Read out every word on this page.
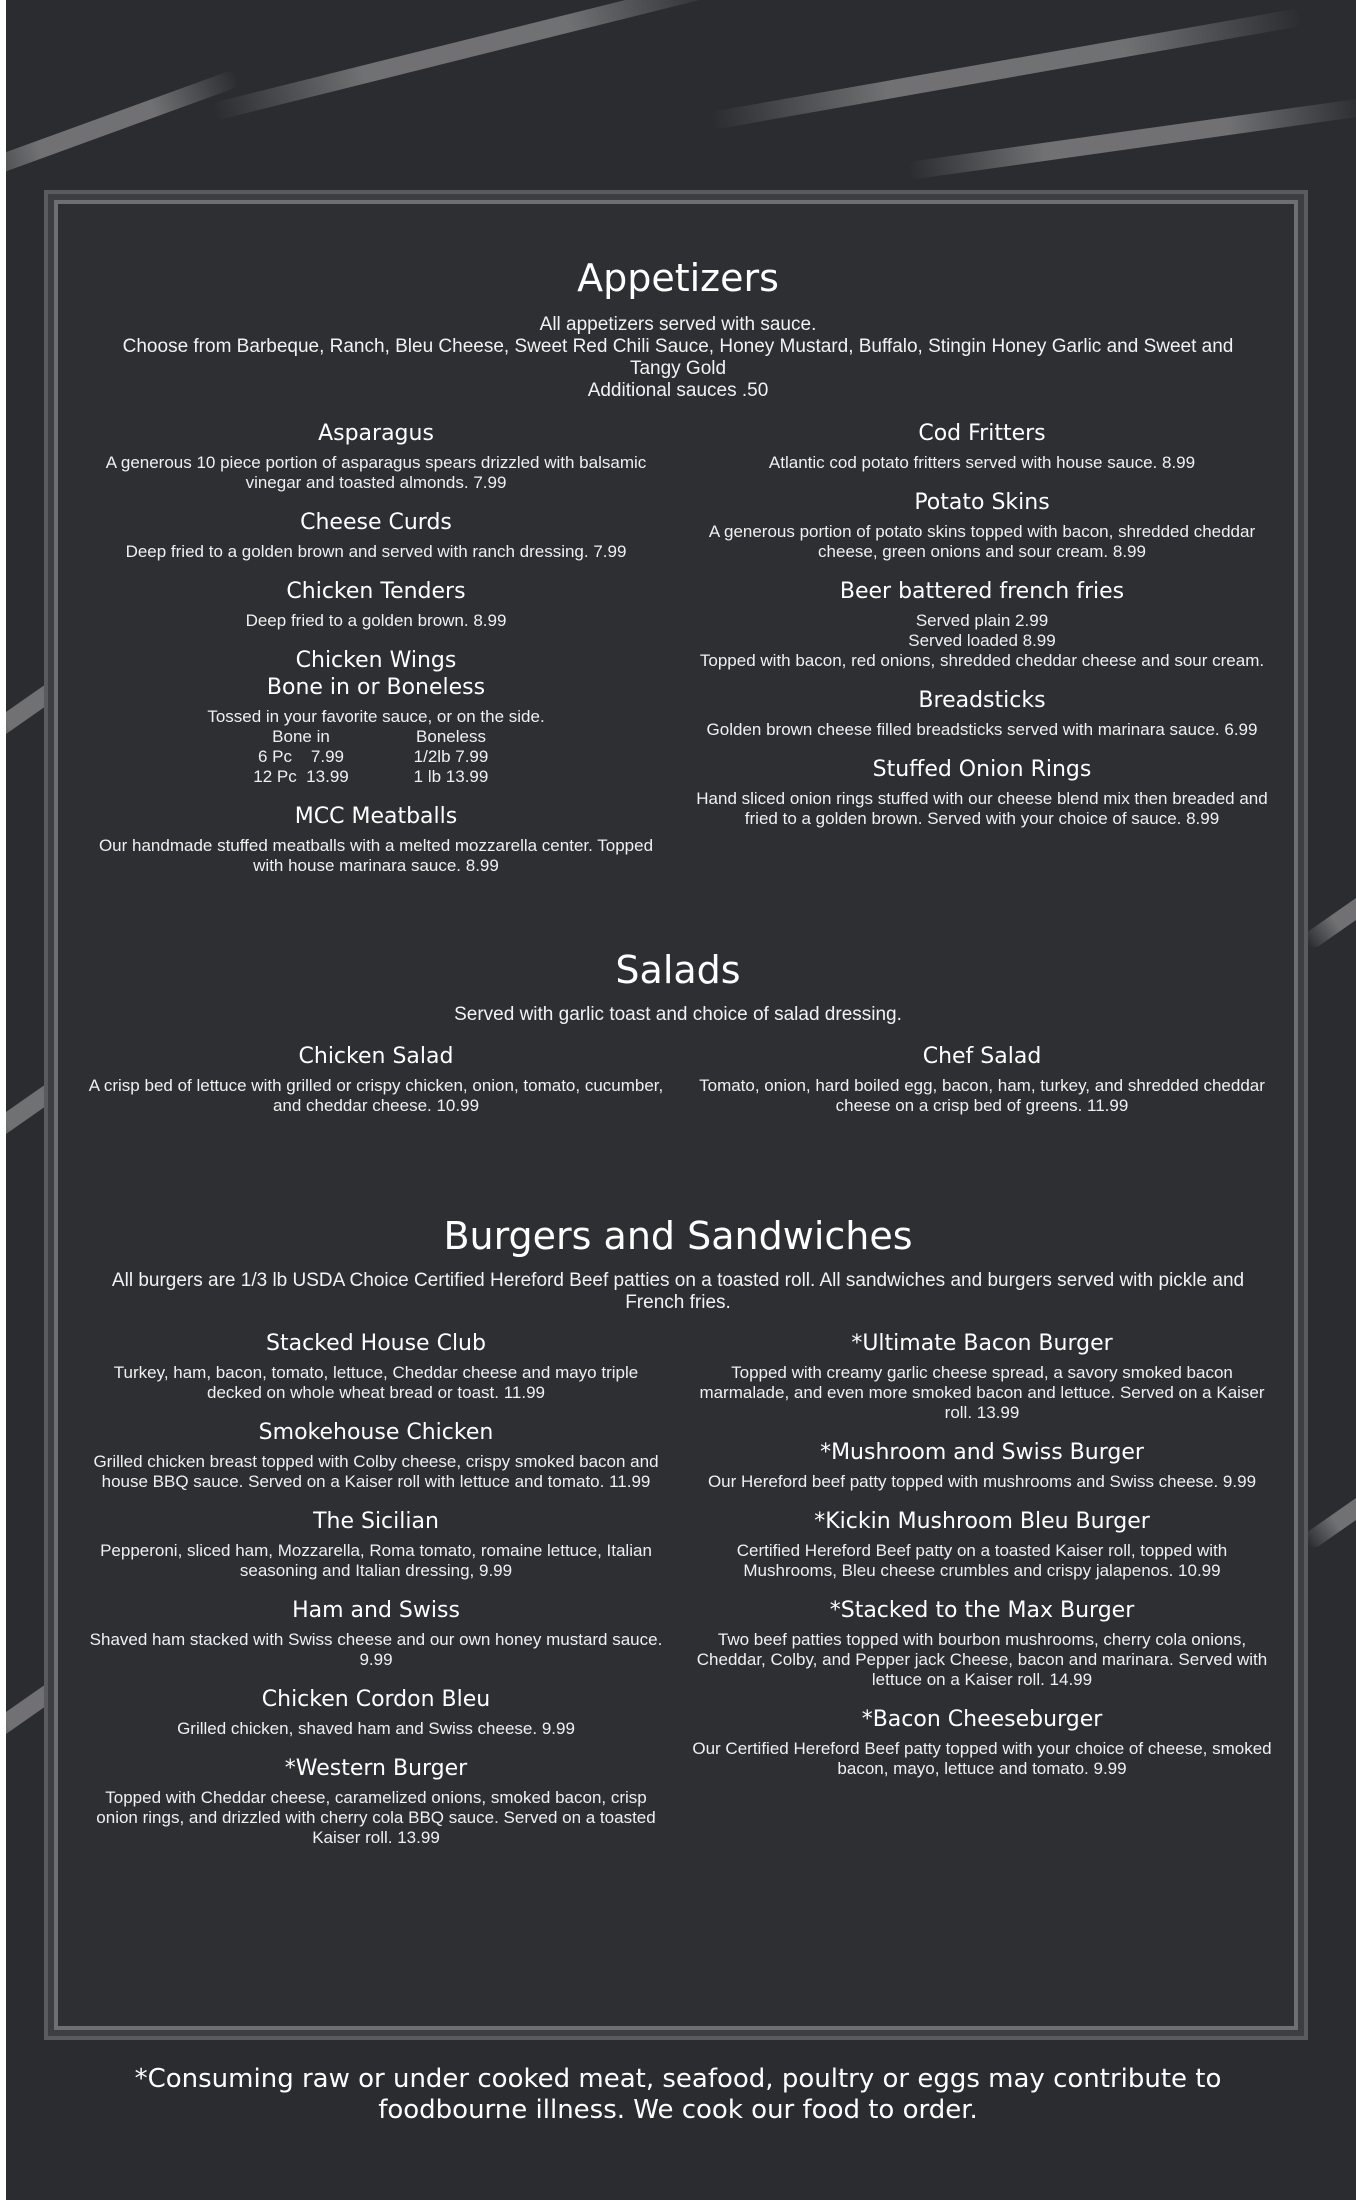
Appetizers
All appetizers served with sauce.
Choose from Barbeque, Ranch, Bleu Cheese, Sweet Red Chili Sauce, Honey Mustard, Buffalo, Stingin Honey Garlic and Sweet and Tangy Gold
Additional sauces .50
Asparagus
A generous 10 piece portion of asparagus spears drizzled with balsamic vinegar and toasted almonds. 7.99
Cheese Curds
Deep fried to a golden brown and served with ranch dressing. 7.99
Chicken Tenders
Deep fried to a golden brown. 8.99
Chicken Wings
Bone in or Boneless
Tossed in your favorite sauce, or on the side.
Bone in	Boneless
6 Pc    7.99	1/2lb 7.99
12 Pc  13.99	1 lb 13.99
MCC Meatballs
Our handmade stuffed meatballs with a melted mozzarella center. Topped with house marinara sauce. 8.99
Cod Fritters
Atlantic cod potato fritters served with house sauce. 8.99
Potato Skins
A generous portion of potato skins topped with bacon, shredded cheddar cheese, green onions and sour cream. 8.99
Beer battered french fries
Served plain 2.99
Served loaded 8.99
Topped with bacon, red onions, shredded cheddar cheese and sour cream.
Breadsticks
Golden brown cheese filled breadsticks served with marinara sauce. 6.99
Stuffed Onion Rings
Hand sliced onion rings stuffed with our cheese blend mix then breaded and fried to a golden brown. Served with your choice of sauce. 8.99
Salads
Served with garlic toast and choice of salad dressing.
Chicken Salad
A crisp bed of lettuce with grilled or crispy chicken, onion, tomato, cucumber, and cheddar cheese. 10.99
Chef Salad
Tomato, onion, hard boiled egg, bacon, ham, turkey, and shredded cheddar cheese on a crisp bed of greens. 11.99
Burgers and Sandwiches
All burgers are 1/3 lb USDA Choice Certified Hereford Beef patties on a toasted roll. All sandwiches and burgers served with pickle and French fries.
Stacked House Club
Turkey, ham, bacon, tomato, lettuce, Cheddar cheese and mayo triple decked on whole wheat bread or toast. 11.99
Smokehouse Chicken
Grilled chicken breast topped with Colby cheese, crispy smoked bacon and house BBQ sauce. Served on a Kaiser roll with lettuce and tomato. 11.99
The Sicilian
Pepperoni, sliced ham, Mozzarella, Roma tomato, romaine lettuce, Italian seasoning and Italian dressing, 9.99
Ham and Swiss
Shaved ham stacked with Swiss cheese and our own honey mustard sauce. 9.99
Chicken Cordon Bleu
Grilled chicken, shaved ham and Swiss cheese. 9.99
*Western Burger
Topped with Cheddar cheese, caramelized onions, smoked bacon, crisp onion rings, and drizzled with cherry cola BBQ sauce. Served on a toasted Kaiser roll. 13.99
*Ultimate Bacon Burger
Topped with creamy garlic cheese spread, a savory smoked bacon marmalade, and even more smoked bacon and lettuce. Served on a Kaiser roll. 13.99
*Mushroom and Swiss Burger
Our Hereford beef patty topped with mushrooms and Swiss cheese. 9.99
*Kickin Mushroom Bleu Burger
Certified Hereford Beef patty on a toasted Kaiser roll, topped with Mushrooms, Bleu cheese crumbles and crispy jalapenos. 10.99
*Stacked to the Max Burger
Two beef patties topped with bourbon mushrooms, cherry cola onions, Cheddar, Colby, and Pepper jack Cheese, bacon and marinara. Served with lettuce on a Kaiser roll. 14.99
*Bacon Cheeseburger
Our Certified Hereford Beef patty topped with your choice of cheese, smoked bacon, mayo, lettuce and tomato. 9.99
*Consuming raw or under cooked meat, seafood, poultry or eggs may contribute to foodbourne illness. We cook our food to order.
